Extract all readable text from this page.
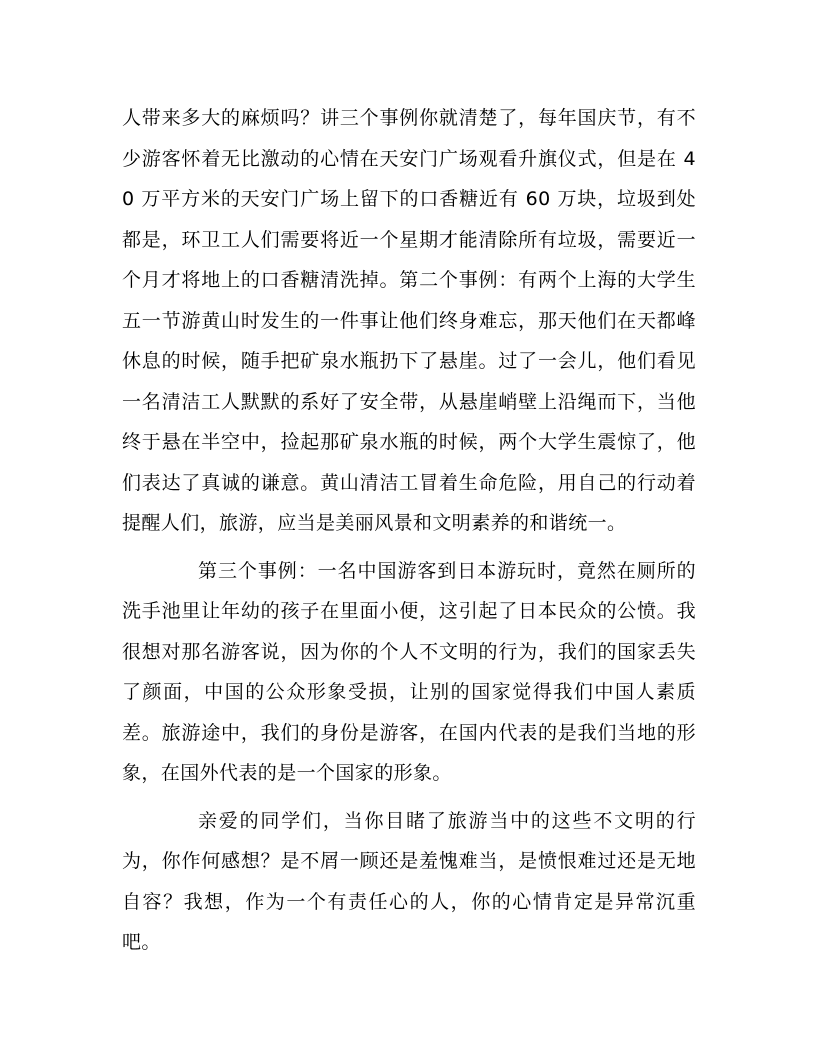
人带来多大的麻烦吗？讲三个事例你就清楚了，每年国庆节，有不少游客怀着无比激动的心情在天安门广场观看升旗仪式，但是在 40 万平方米的天安门广场上留下的口香糖近有 60 万块，垃圾到处都是，环卫工人们需要将近一个星期才能清除所有垃圾，需要近一个月才将地上的口香糖清洗掉。第二个事例：有两个上海的大学生五一节游黄山时发生的一件事让他们终身难忘，那天他们在天都峰休息的时候，随手把矿泉水瓶扔下了悬崖。过了一会儿，他们看见一名清洁工人默默的系好了安全带，从悬崖峭壁上沿绳而下，当他终于悬在半空中，捡起那矿泉水瓶的时候，两个大学生震惊了，他们表达了真诚的谦意。黄山清洁工冒着生命危险，用自己的行动着提醒人们，旅游，应当是美丽风景和文明素养的和谐统一。

第三个事例：一名中国游客到日本游玩时，竟然在厕所的洗手池里让年幼的孩子在里面小便，这引起了日本民众的公愤。我很想对那名游客说，因为你的个人不文明的行为，我们的国家丢失了颜面，中国的公众形象受损，让别的国家觉得我们中国人素质差。旅游途中，我们的身份是游客，在国内代表的是我们当地的形象，在国外代表的是一个国家的形象。

亲爱的同学们，当你目睹了旅游当中的这些不文明的行为，你作何感想？是不屑一顾还是羞愧难当，是愤恨难过还是无地自容？我想，作为一个有责任心的人，你的心情肯定是异常沉重吧。
